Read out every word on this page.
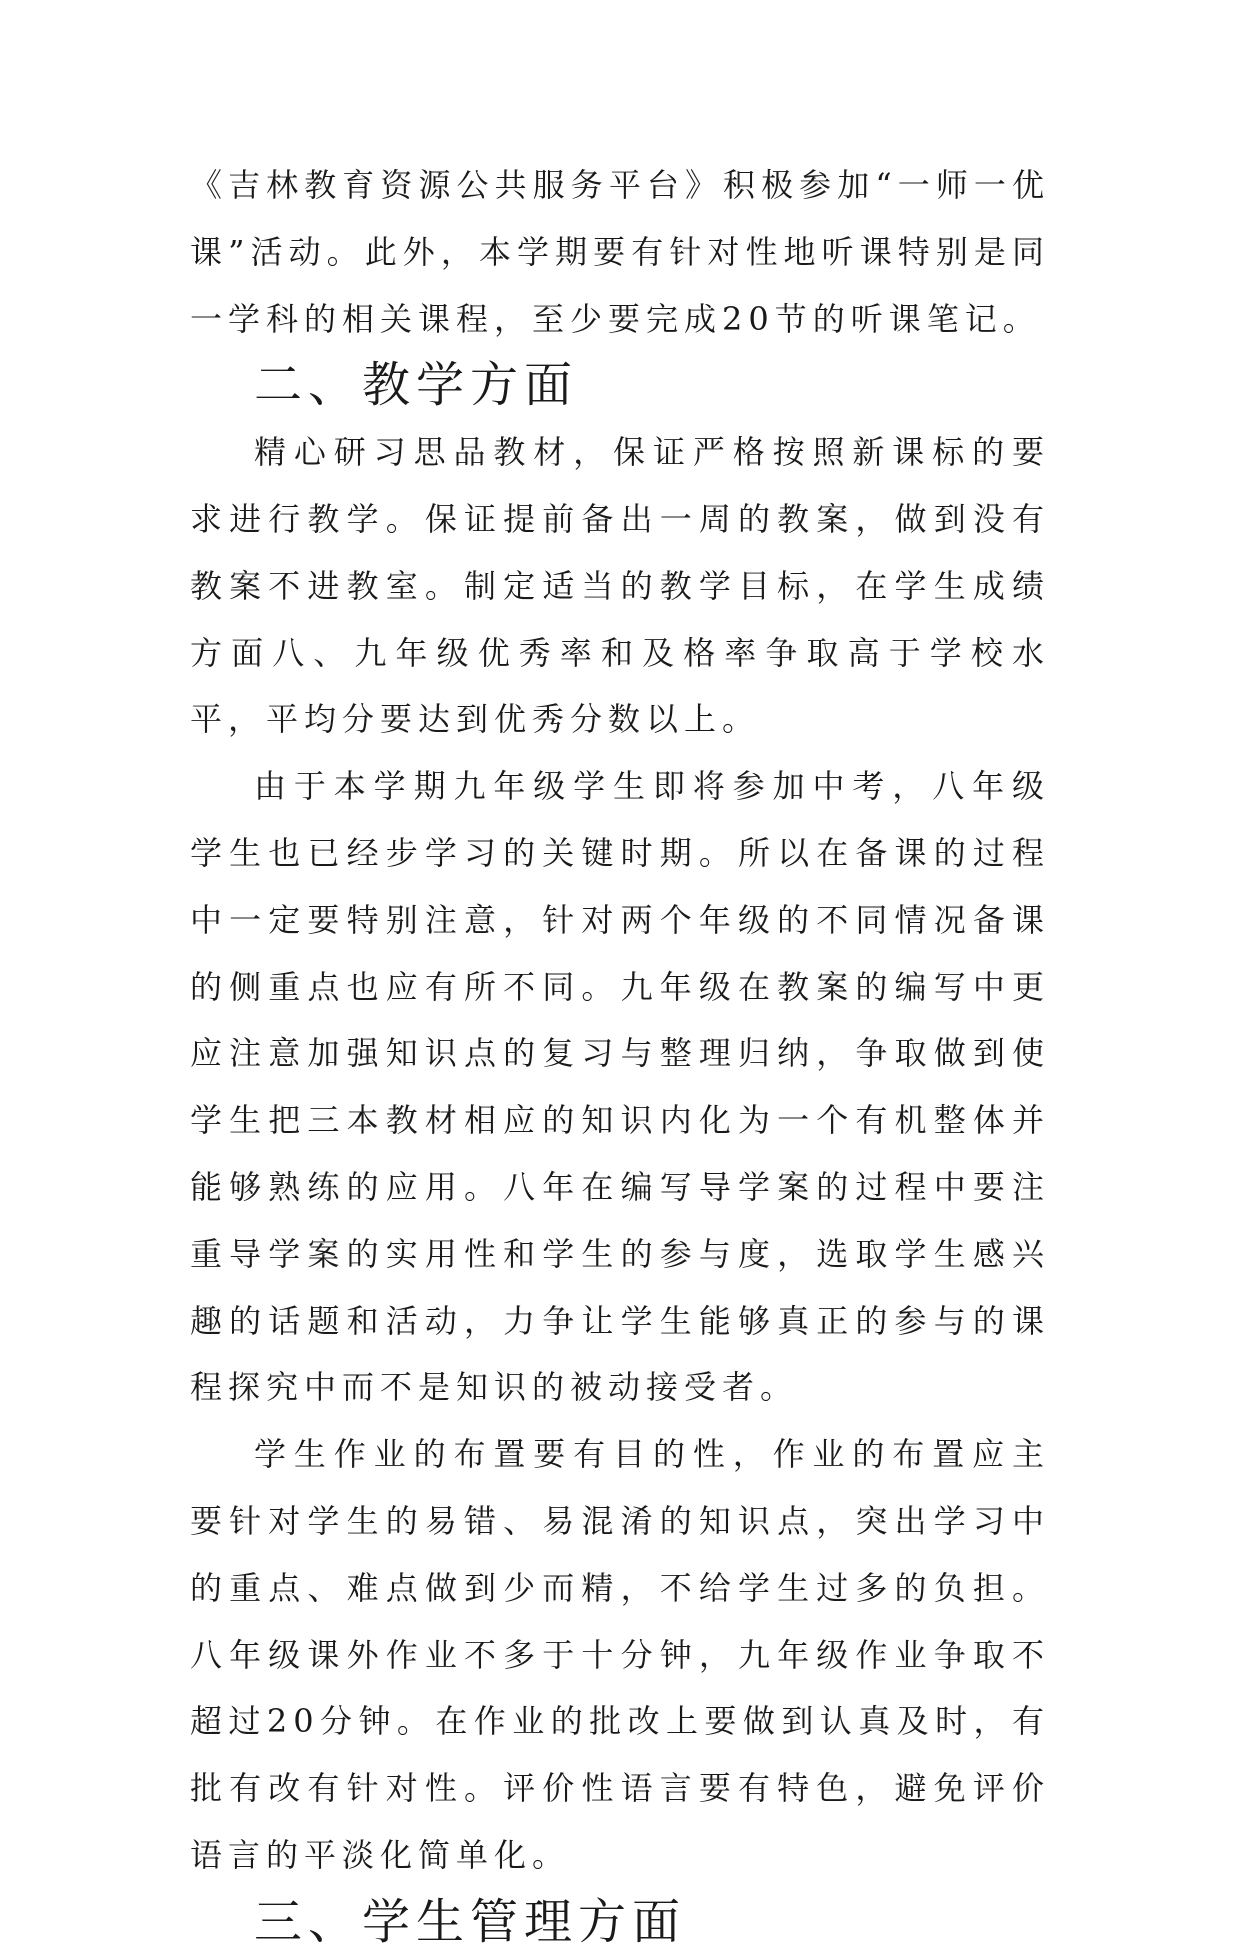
《吉林教育资源公共服务平台》积极参加“一师一优课”活动。此外，本学期要有针对性地听课特别是同一学科的相关课程，至少要完成20节的听课笔记。

二、教学方面

精心研习思品教材，保证严格按照新课标的要求进行教学。保证提前备出一周的教案，做到没有教案不进教室。制定适当的教学目标，在学生成绩方面八、九年级优秀率和及格率争取高于学校水平，平均分要达到优秀分数以上。

由于本学期九年级学生即将参加中考，八年级学生也已经步学习的关键时期。所以在备课的过程中一定要特别注意，针对两个年级的不同情况备课的侧重点也应有所不同。九年级在教案的编写中更应注意加强知识点的复习与整理归纳，争取做到使学生把三本教材相应的知识内化为一个有机整体并能够熟练的应用。八年在编写导学案的过程中要注重导学案的实用性和学生的参与度，选取学生感兴趣的话题和活动，力争让学生能够真正的参与的课程探究中而不是知识的被动接受者。

学生作业的布置要有目的性，作业的布置应主要针对学生的易错、易混淆的知识点，突出学习中的重点、难点做到少而精，不给学生过多的负担。八年级课外作业不多于十分钟，九年级作业争取不超过20分钟。在作业的批改上要做到认真及时，有批有改有针对性。评价性语言要有特色，避免评价语言的平淡化简单化。

三、学生管理方面
